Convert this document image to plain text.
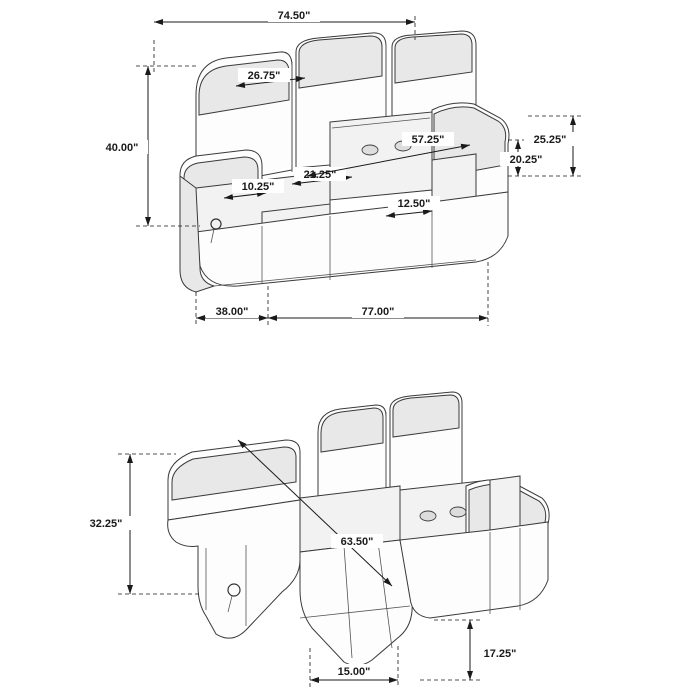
74.50"
40.00"
26.75"
10.25"
21.25"
12.50"
57.25"
20.25"
25.25"
38.00"	77.00"
32.25"
63.50"
15.00"
17.25"
